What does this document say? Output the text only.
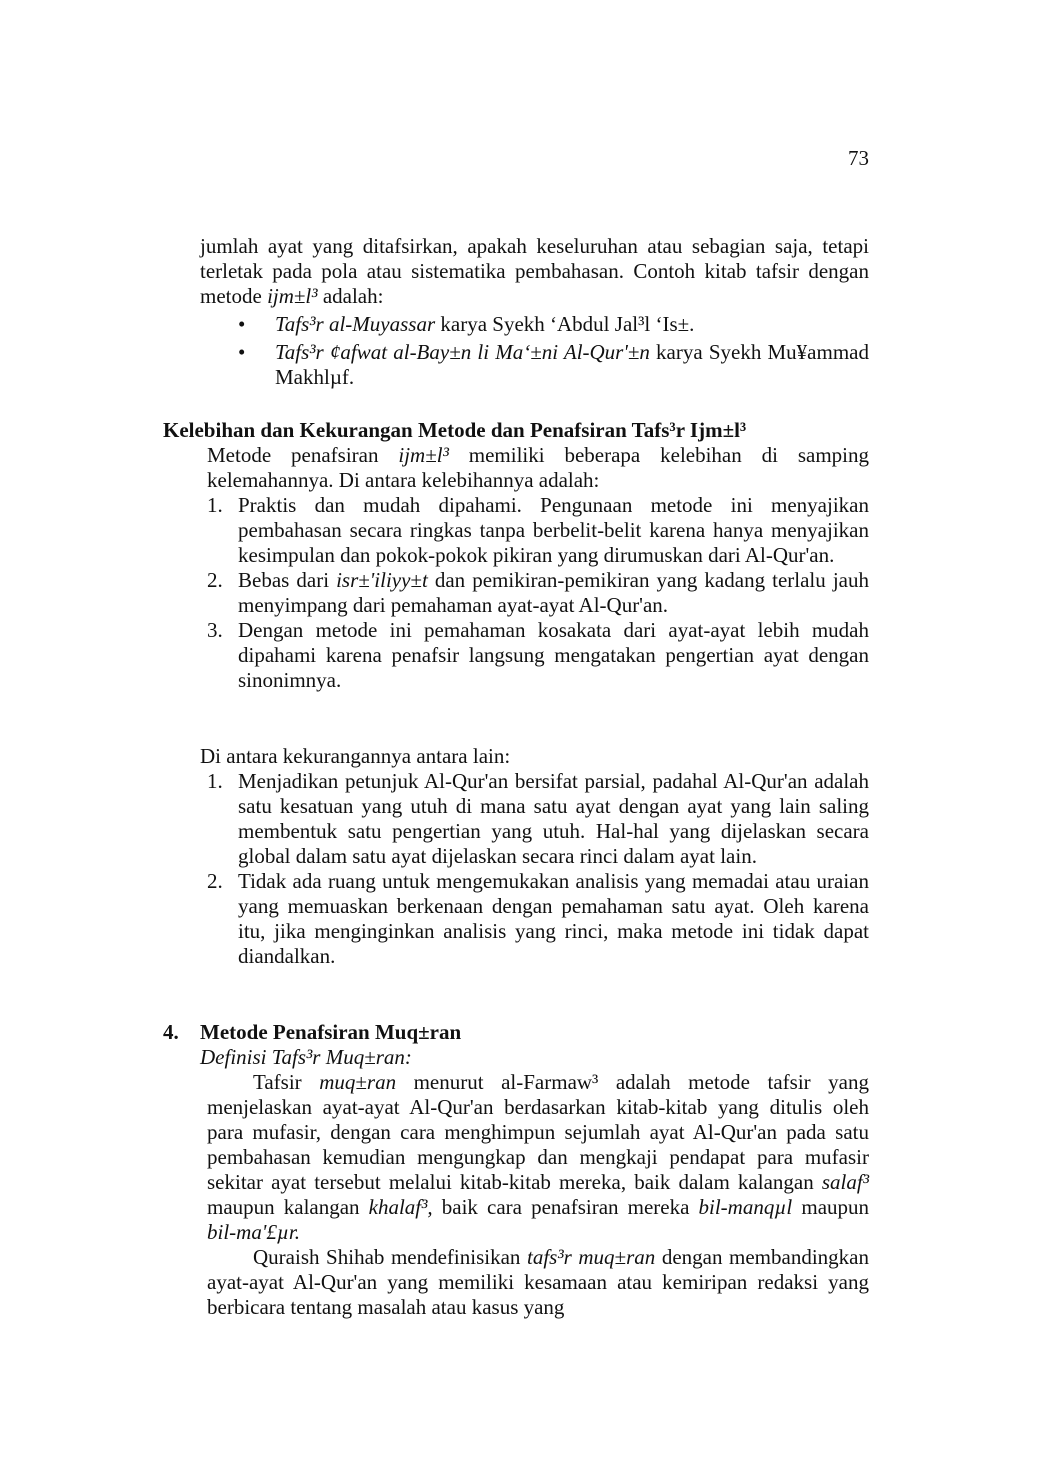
73

jumlah ayat yang ditafsirkan, apakah keseluruhan atau sebagian saja, tetapi terletak pada pola atau sistematika pembahasan. Contoh kitab tafsir dengan metode ijm±l³ adalah:

• Tafs³r al-Muyassar karya Syekh ‘Abdul Jal³l ‘Is±.
• Tafs³r ¢afwat al-Bay±n li Ma‘±ni Al-Qur'±n karya Syekh Mu¥ammad Makhlµf.
Kelebihan dan Kekurangan Metode dan Penafsiran Tafs³r Ijm±l³

Metode penafsiran ijm±l³ memiliki beberapa kelebihan di samping kelemahannya. Di antara kelebihannya adalah:

1. Praktis dan mudah dipahami. Pengunaan metode ini menyajikan pembahasan secara ringkas tanpa berbelit-belit karena hanya menyajikan kesimpulan dan pokok-pokok pikiran yang dirumuskan dari Al-Qur'an.
2. Bebas dari isr±'iliyy±t dan pemikiran-pemikiran yang kadang terlalu jauh menyimpang dari pemahaman ayat-ayat Al-Qur'an.
3. Dengan metode ini pemahaman kosakata dari ayat-ayat lebih mudah dipahami karena penafsir langsung mengatakan pengertian ayat dengan sinonimnya.
Di antara kekurangannya antara lain:
1. Menjadikan petunjuk Al-Qur'an bersifat parsial, padahal Al-Qur'an adalah satu kesatuan yang utuh di mana satu ayat dengan ayat yang lain saling membentuk satu pengertian yang utuh. Hal-hal yang dijelaskan secara global dalam satu ayat dijelaskan secara rinci dalam ayat lain.
2. Tidak ada ruang untuk mengemukakan analisis yang memadai atau uraian yang memuaskan berkenaan dengan pemahaman satu ayat. Oleh karena itu, jika menginginkan analisis yang rinci, maka metode ini tidak dapat diandalkan.
4. Metode Penafsiran Muq±ran
Definisi Tafs³r Muq±ran:

Tafsir muq±ran menurut al-Farmaw³ adalah metode tafsir yang menjelaskan ayat-ayat Al-Qur'an berdasarkan kitab-kitab yang ditulis oleh para mufasir, dengan cara menghimpun sejumlah ayat Al-Qur'an pada satu pembahasan kemudian mengungkap dan mengkaji pendapat para mufasir sekitar ayat tersebut melalui kitab-kitab mereka, baik dalam kalangan salaf³ maupun kalangan khalaf³, baik cara penafsiran mereka bil-manqµl maupun bil-ma'£µr.

Quraish Shihab mendefinisikan tafs³r muq±ran dengan membandingkan ayat-ayat Al-Qur'an yang memiliki kesamaan atau kemiripan redaksi yang berbicara tentang masalah atau kasus yang
